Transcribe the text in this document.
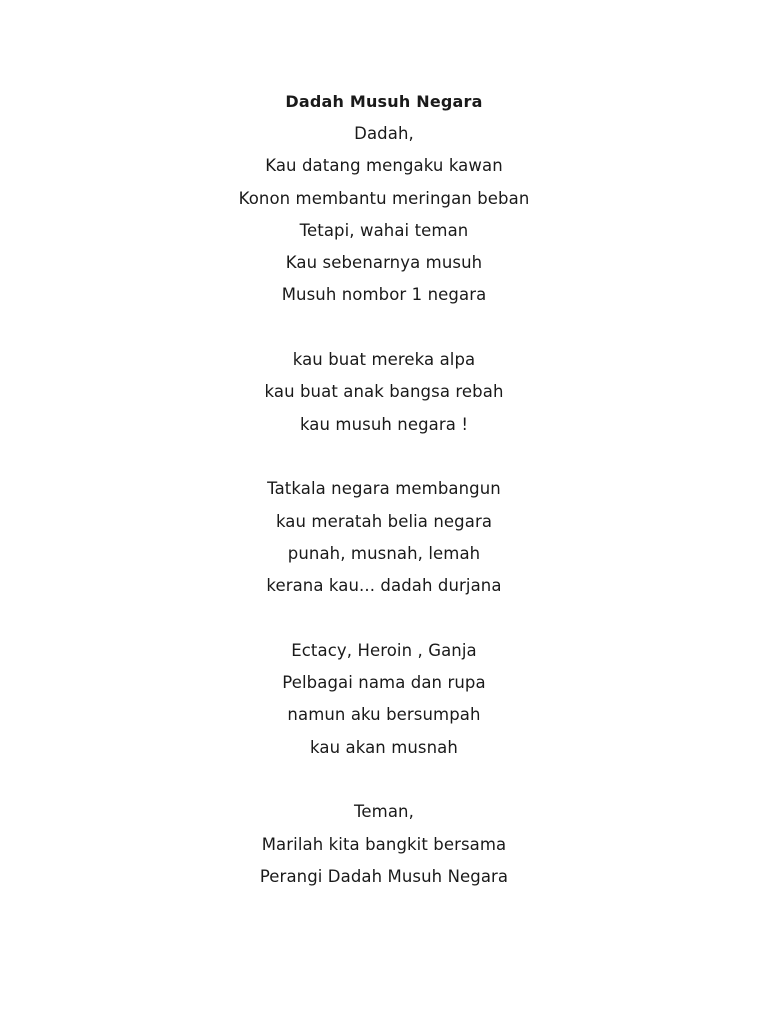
Dadah Musuh Negara
Dadah,
Kau datang mengaku kawan
Konon membantu meringan beban
Tetapi, wahai teman
Kau sebenarnya musuh
Musuh nombor 1 negara
kau buat mereka alpa
kau buat anak bangsa rebah
kau musuh negara !
Tatkala negara membangun
kau meratah belia negara
punah, musnah, lemah
kerana kau... dadah durjana
Ectacy, Heroin , Ganja
Pelbagai nama dan rupa
namun aku bersumpah
kau akan musnah
Teman,
Marilah kita bangkit bersama
Perangi Dadah Musuh Negara
